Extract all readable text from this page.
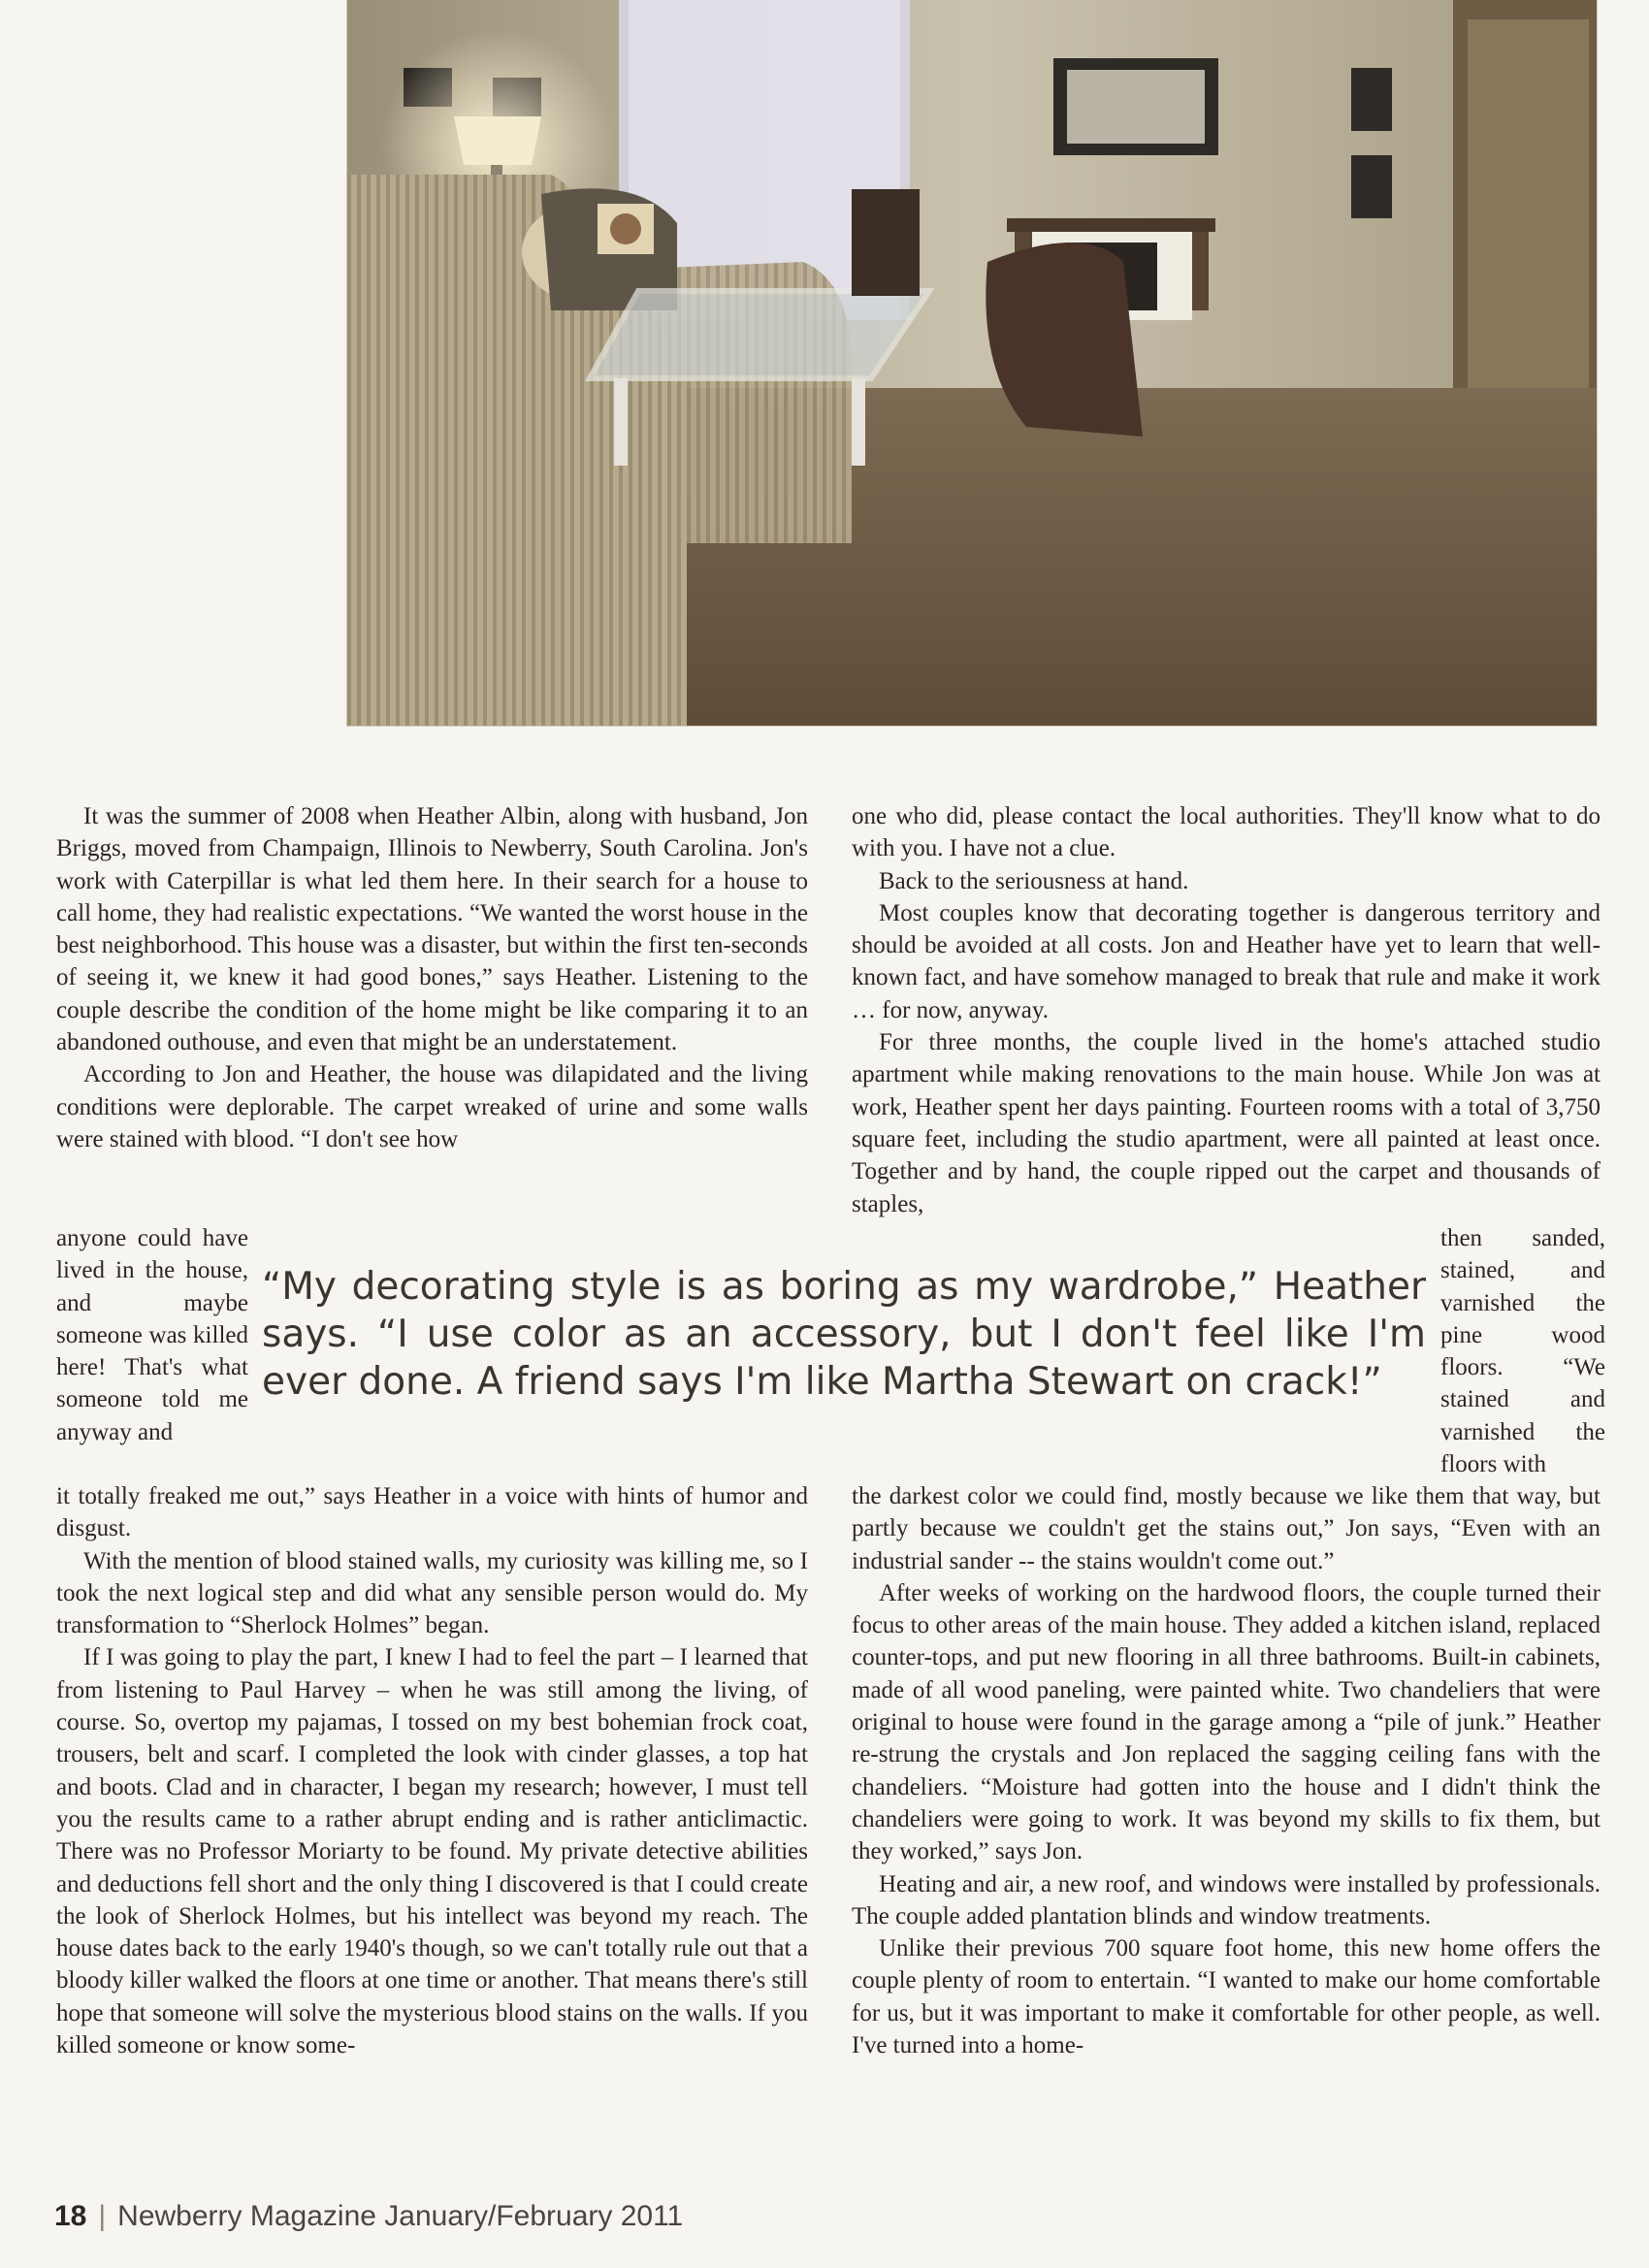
It was the summer of 2008 when Heather Albin, along with husband, Jon Briggs, moved from Champaign, Illinois to Newberry, South Carolina. Jon's work with Caterpillar is what led them here. In their search for a house to call home, they had realistic expectations. “We wanted the worst house in the best neighborhood. This house was a disaster, but within the first ten-seconds of seeing it, we knew it had good bones,” says Heather. Listening to the couple describe the condition of the home might be like comparing it to an abandoned outhouse, and even that might be an understatement.

According to Jon and Heather, the house was dilapidated and the living conditions were deplorable. The carpet wreaked of urine and some walls were stained with blood. “I don't see how

anyone could have lived in the house, and maybe someone was killed here! That's what someone told me anyway and

“My decorating style is as boring as my wardrobe,” Heather says. “I use color as an accessory, but I don't feel like I'm ever done. A friend says I'm like Martha Stewart on crack!”

then sanded, stained, and varnished the pine wood floors. “We stained and varnished the floors with

it totally freaked me out,” says Heather in a voice with hints of humor and disgust.

With the mention of blood stained walls, my curiosity was killing me, so I took the next logical step and did what any sensible person would do. My transformation to “Sherlock Holmes” began.

If I was going to play the part, I knew I had to feel the part – I learned that from listening to Paul Harvey – when he was still among the living, of course. So, overtop my pajamas, I tossed on my best bohemian frock coat, trousers, belt and scarf. I completed the look with cinder glasses, a top hat and boots. Clad and in character, I began my research; however, I must tell you the results came to a rather abrupt ending and is rather anticlimactic. There was no Professor Moriarty to be found. My private detective abilities and deductions fell short and the only thing I discovered is that I could create the look of Sherlock Holmes, but his intellect was beyond my reach. The house dates back to the early 1940's though, so we can't totally rule out that a bloody killer walked the floors at one time or another. That means there's still hope that someone will solve the mysterious blood stains on the walls. If you killed someone or know some-

one who did, please contact the local authorities. They'll know what to do with you. I have not a clue.

Back to the seriousness at hand.

Most couples know that decorating together is dangerous territory and should be avoided at all costs. Jon and Heather have yet to learn that well-known fact, and have somehow managed to break that rule and make it work … for now, anyway.

For three months, the couple lived in the home's attached studio apartment while making renovations to the main house. While Jon was at work, Heather spent her days painting. Fourteen rooms with a total of 3,750 square feet, including the studio apartment, were all painted at least once. Together and by hand, the couple ripped out the carpet and thousands of staples,

the darkest color we could find, mostly because we like them that way, but partly because we couldn't get the stains out,” Jon says, “Even with an industrial sander -- the stains wouldn't come out.”

After weeks of working on the hardwood floors, the couple turned their focus to other areas of the main house. They added a kitchen island, replaced counter-tops, and put new flooring in all three bathrooms. Built-in cabinets, made of all wood paneling, were painted white. Two chandeliers that were original to house were found in the garage among a “pile of junk.” Heather re-strung the crystals and Jon replaced the sagging ceiling fans with the chandeliers. “Moisture had gotten into the house and I didn't think the chandeliers were going to work. It was beyond my skills to fix them, but they worked,” says Jon.

Heating and air, a new roof, and windows were installed by professionals. The couple added plantation blinds and window treatments.

Unlike their previous 700 square foot home, this new home offers the couple plenty of room to entertain. “I wanted to make our home comfortable for us, but it was important to make it comfortable for other people, as well. I've turned into a home-

18 | Newberry Magazine January/February 2011
